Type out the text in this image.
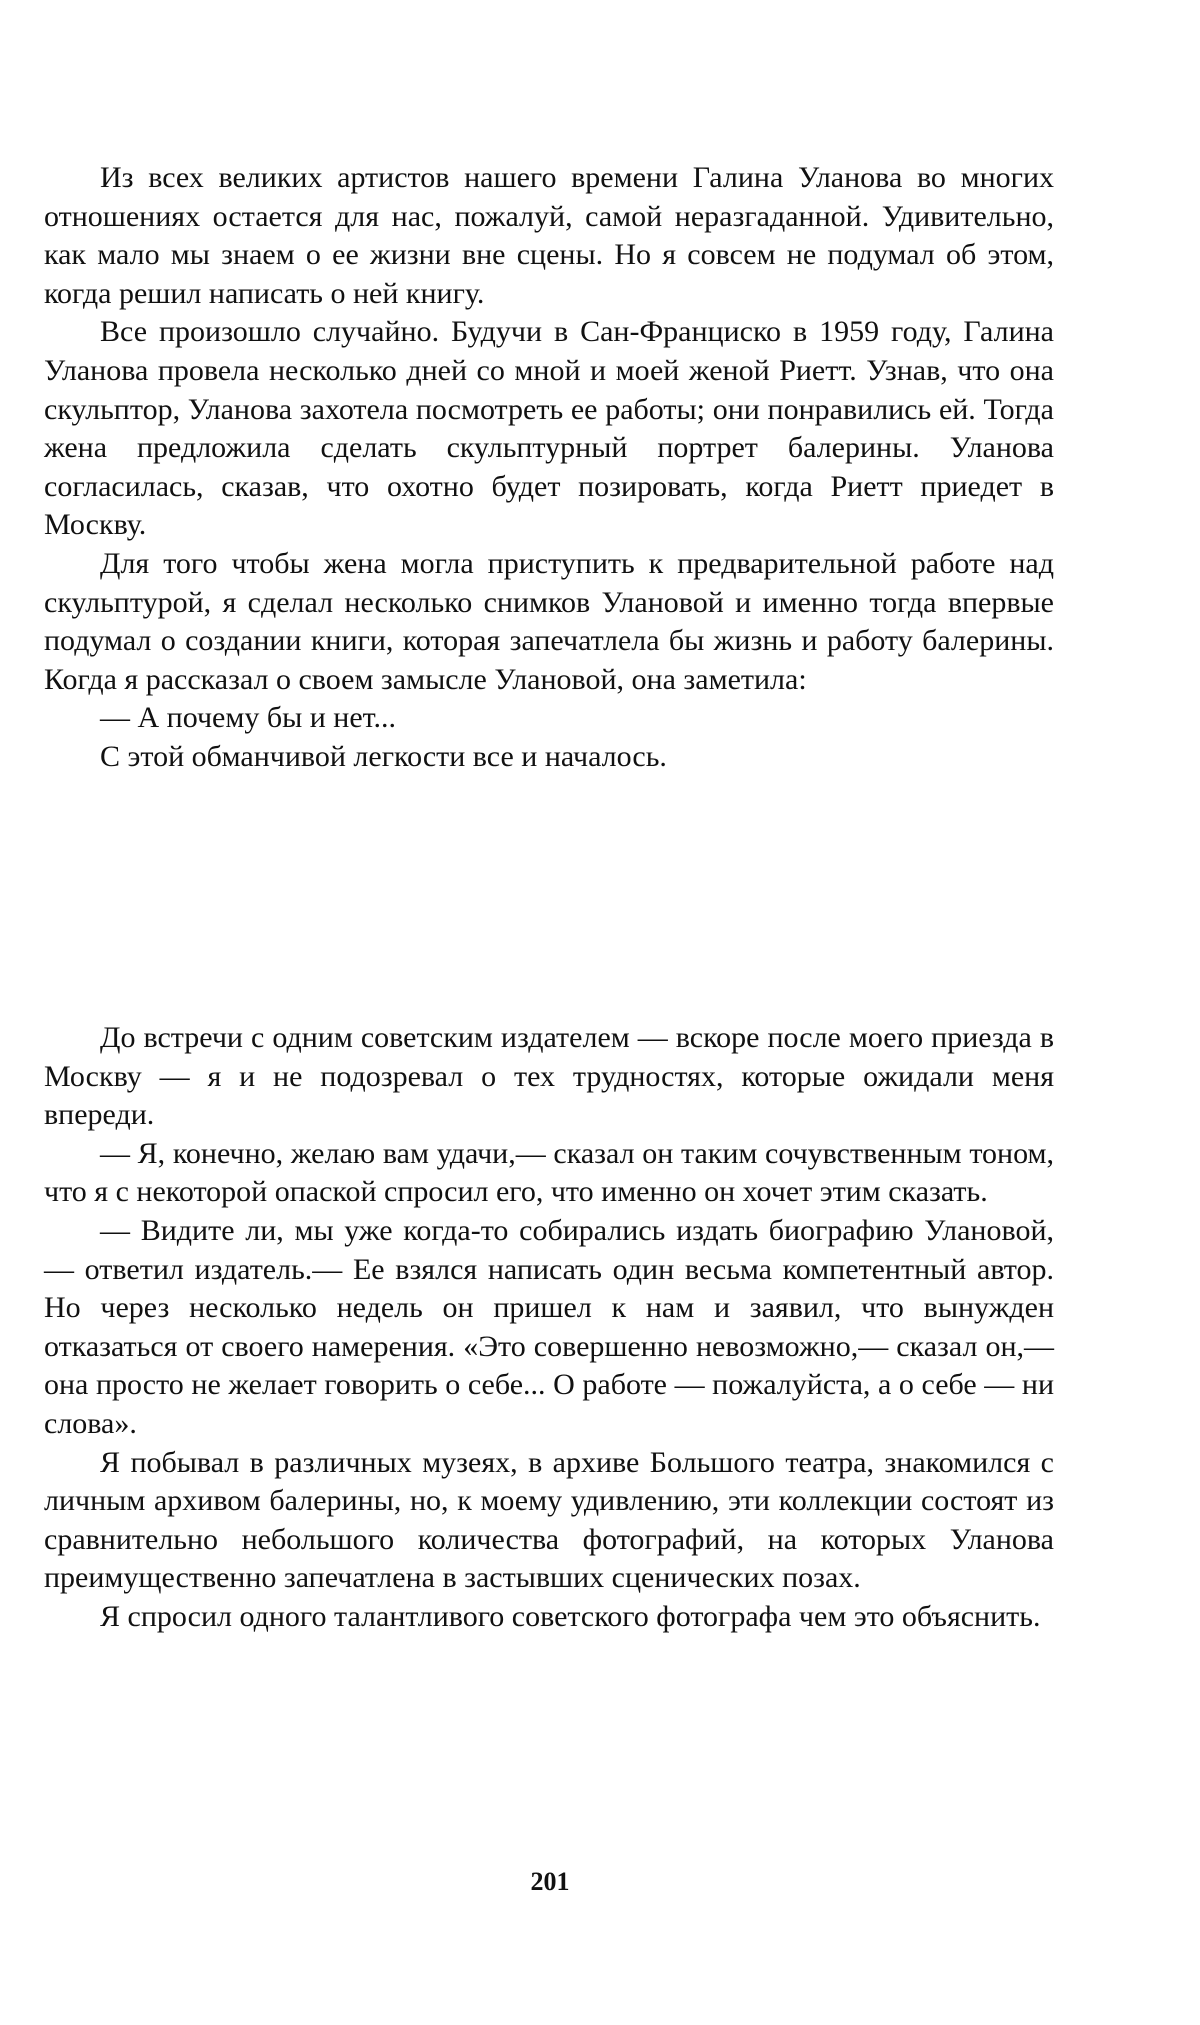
Из всех великих артистов нашего времени Галина Уланова во многих отношениях остается для нас, пожалуй, самой неразгаданной. Удивительно, как мало мы знаем о ее жизни вне сцены. Но я совсем не подумал об этом, когда решил написать о ней книгу.

Все произошло случайно. Будучи в Сан-Франциско в 1959 году, Галина Уланова провела несколько дней со мной и моей женой Риетт. Узнав, что она скульптор, Уланова захотела посмотреть ее работы; они понравились ей. Тогда жена предложила сделать скульптурный портрет балерины. Уланова согласилась, сказав, что охотно будет позировать, когда Риетт приедет в Москву.

Для того чтобы жена могла приступить к предварительной работе над скульптурой, я сделал несколько снимков Улановой и именно тогда впервые подумал о создании книги, которая запечатлела бы жизнь и работу балерины. Когда я рассказал о своем замысле Улановой, она заметила:

— А почему бы и нет...

С этой обманчивой легкости все и началось.

До встречи с одним советским издателем — вскоре после моего приезда в Москву — я и не подозревал о тех трудностях, которые ожидали меня впереди.

— Я, конечно, желаю вам удачи,— сказал он таким сочувственным тоном, что я с некоторой опаской спросил его, что именно он хочет этим сказать.

— Видите ли, мы уже когда-то собирались издать биографию Улановой,— ответил издатель.— Ее взялся написать один весьма компетентный автор. Но через несколько недель он пришел к нам и заявил, что вынужден отказаться от своего намерения. «Это совершенно невозможно,— сказал он,— она просто не желает говорить о себе... О работе — пожалуйста, а о себе — ни слова».

Я побывал в различных музеях, в архиве Большого театра, знакомился с личным архивом балерины, но, к моему удивлению, эти коллекции состоят из сравнительно небольшого количества фотографий, на которых Уланова преимущественно запечатлена в застывших сценических позах.

Я спросил одного талантливого советского фотографа чем это объяснить.

201
